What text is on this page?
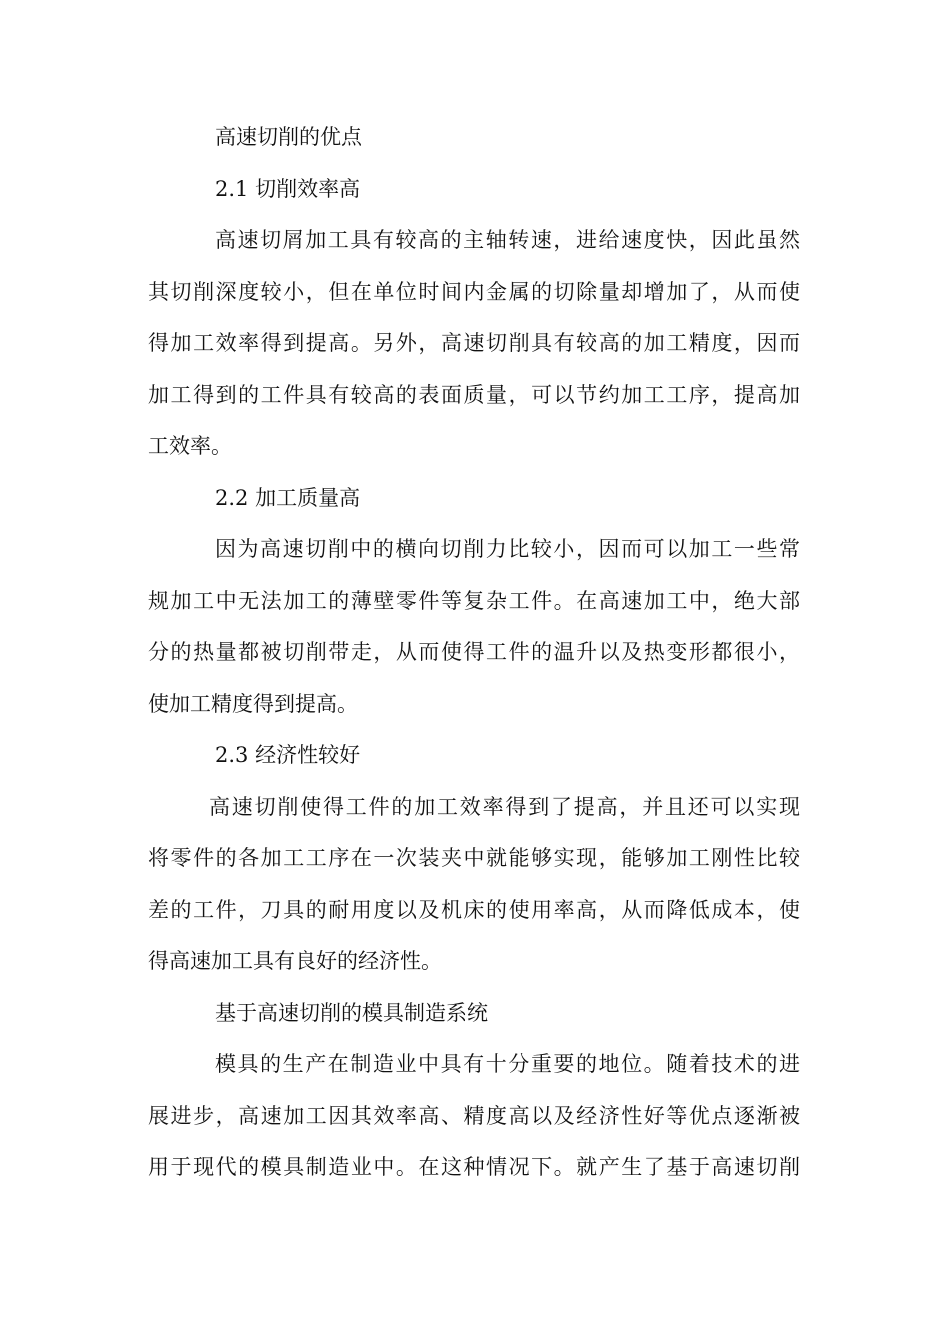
高速切削的优点
2.1 切削效率高
高速切屑加工具有较高的主轴转速，进给速度快，因此虽然
其切削深度较小，但在单位时间内金属的切除量却增加了，从而使
得加工效率得到提高。另外，高速切削具有较高的加工精度，因而
加工得到的工件具有较高的表面质量，可以节约加工工序，提高加
工效率。
2.2 加工质量高
因为高速切削中的横向切削力比较小，因而可以加工一些常
规加工中无法加工的薄壁零件等复杂工件。在高速加工中，绝大部
分的热量都被切削带走，从而使得工件的温升以及热变形都很小，
使加工精度得到提高。
2.3 经济性较好
高速切削使得工件的加工效率得到了提高，并且还可以实现
将零件的各加工工序在一次装夹中就能够实现，能够加工刚性比较
差的工件，刀具的耐用度以及机床的使用率高，从而降低成本，使
得高速加工具有良好的经济性。
基于高速切削的模具制造系统
模具的生产在制造业中具有十分重要的地位。随着技术的进
展进步，高速加工因其效率高、精度高以及经济性好等优点逐渐被
用于现代的模具制造业中。在这种情况下。就产生了基于高速切削
